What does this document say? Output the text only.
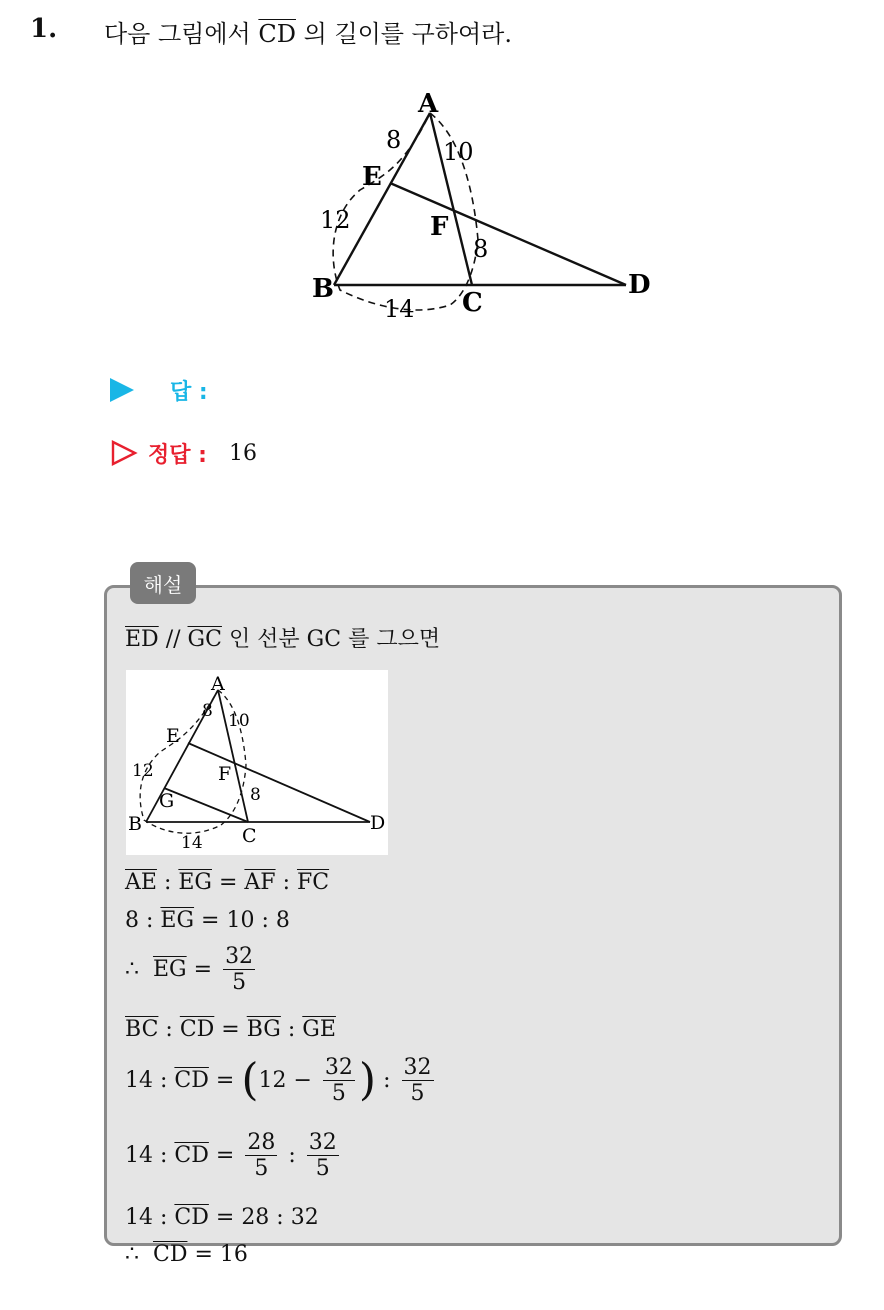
1. 다음 그림에서 $\overline{CD}$ 의 길이를 구하여라.
A
B	C
D
E
F
8 10
12
8
14
답 :
정답 : 16
해설
$\overline{ED} // \overline{GC}$ 인 선분 GC 를 그으면
A
B
C
D
E
F
G
8 10
12
8
14
$\overline{AE}$ : $\overline{EG} = \overline{AF}$ : $\overline{FC}$
8 : $\overline{EG} = 10$ : 8
∴  $\overline{EG} = \frac{32}{5}$
$\overline{BC}$ : $\overline{CD} = \overline{BG}$ : $\overline{GE}$
14 : $\overline{CD} = (12 - \frac{32}{5}$ ) : $\frac{32}{5}$
14 : $\overline{CD} = \frac{28}{5}$ : $\frac{32}{5}$
14 : $\overline{CD} = 28$ : 32
∴  $\overline{CD} = 16$
